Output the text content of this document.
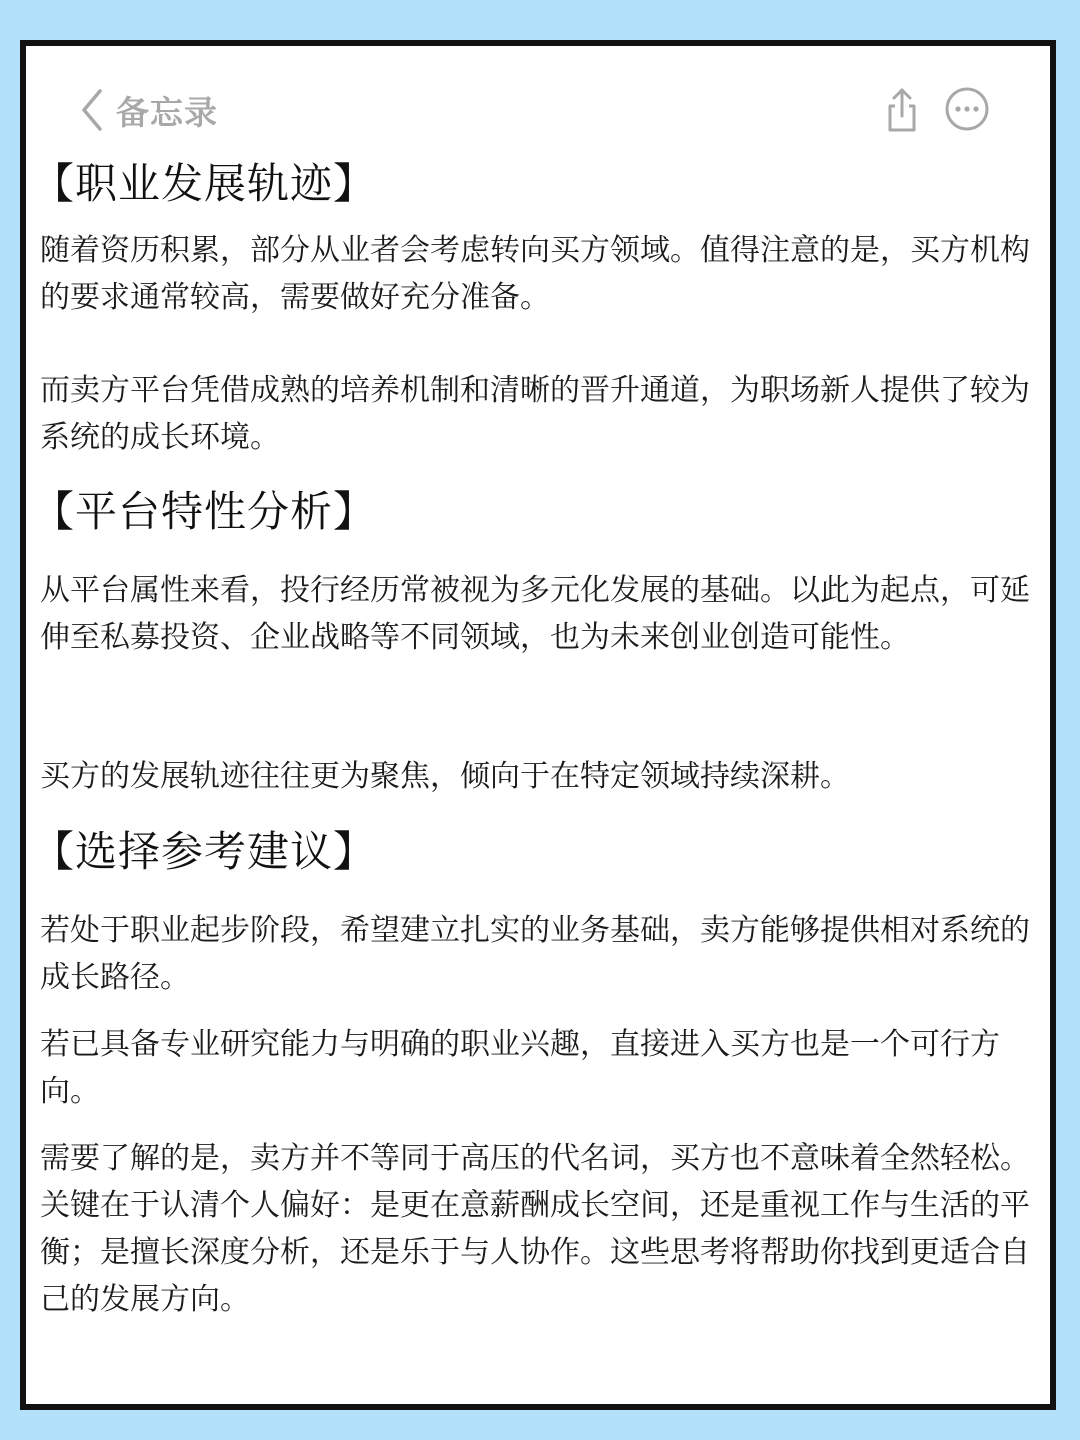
备忘录
【职业发展轨迹】

随着资历积累，部分从业者会考虑转向买方领域。值得注意的是，买方机构的要求通常较高，需要做好充分准备。

而卖方平台凭借成熟的培养机制和清晰的晋升通道，为职场新人提供了较为系统的成长环境。

【平台特性分析】

从平台属性来看，投行经历常被视为多元化发展的基础。以此为起点，可延伸至私募投资、企业战略等不同领域，也为未来创业创造可能性。

买方的发展轨迹往往更为聚焦，倾向于在特定领域持续深耕。

【选择参考建议】

若处于职业起步阶段，希望建立扎实的业务基础，卖方能够提供相对系统的成长路径。

若已具备专业研究能力与明确的职业兴趣，直接进入买方也是一个可行方向。

需要了解的是，卖方并不等同于高压的代名词，买方也不意味着全然轻松。关键在于认清个人偏好：是更在意薪酬成长空间，还是重视工作与生活的平衡；是擅长深度分析，还是乐于与人协作。这些思考将帮助你找到更适合自己的发展方向。
